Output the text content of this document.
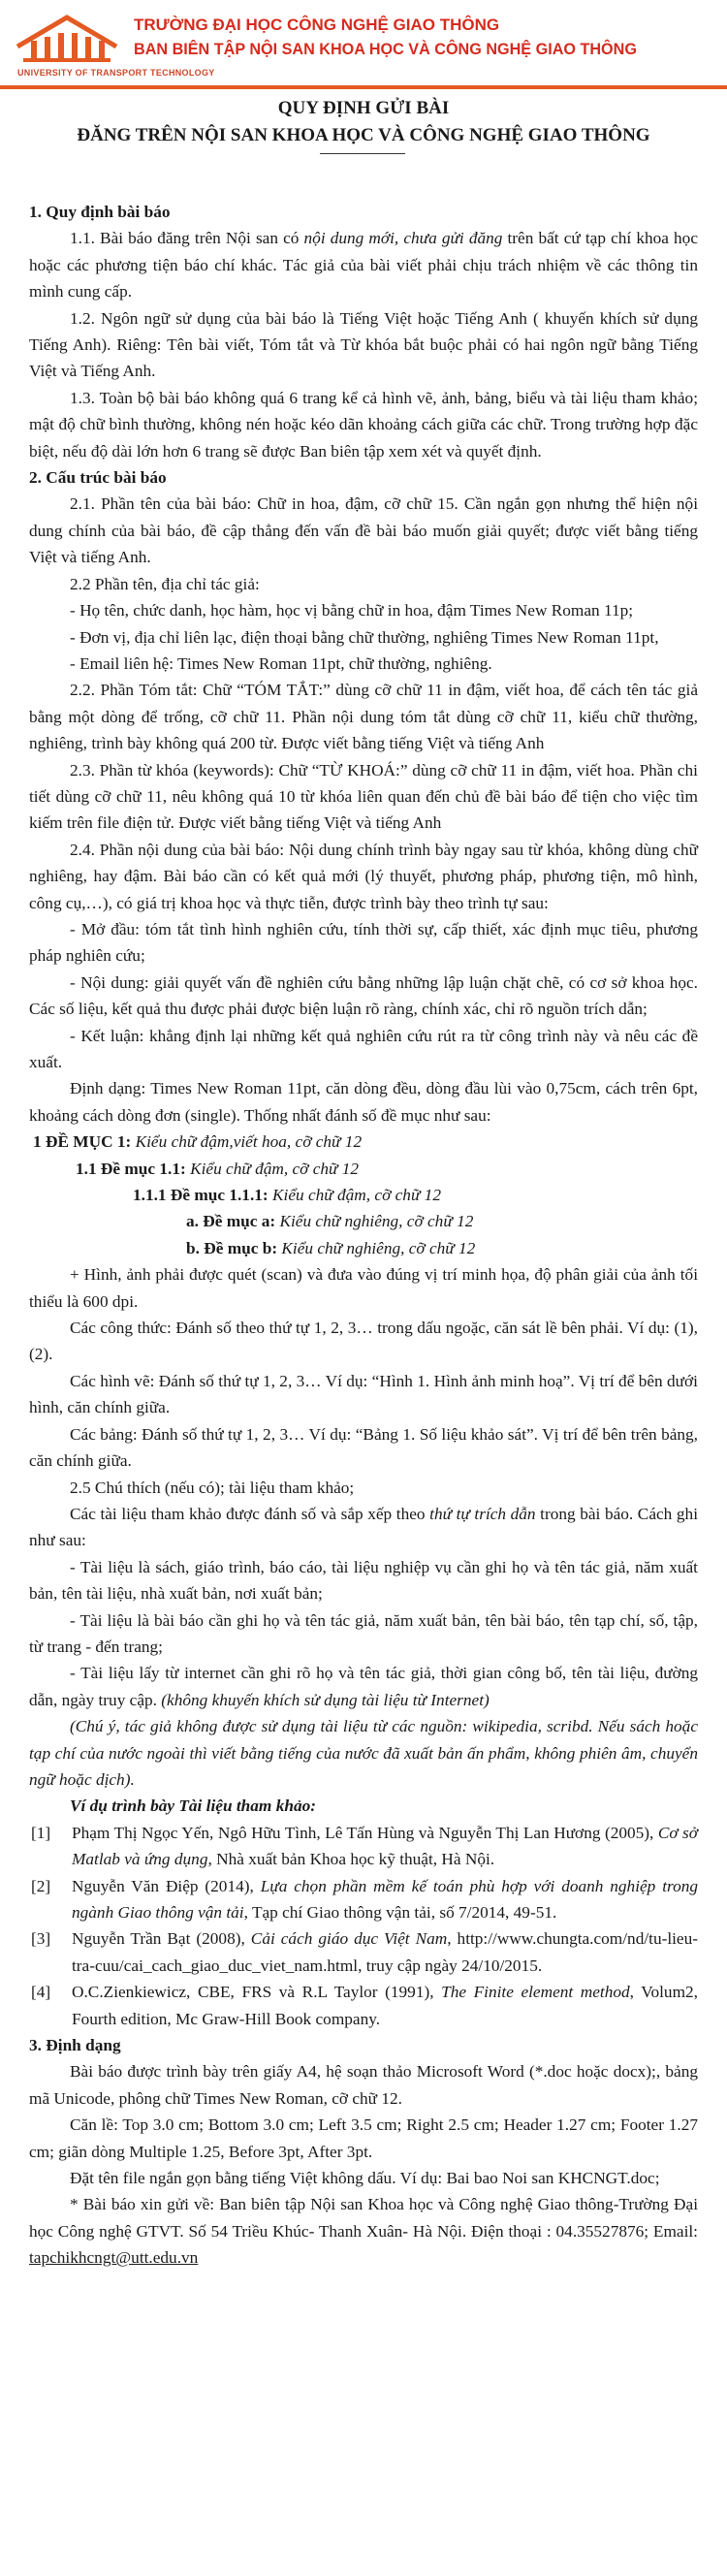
UNIVERSITY OF TRANSPORT TECHNOLOGY
TRƯỜNG ĐẠI HỌC CÔNG NGHỆ GIAO THÔNG
BAN BIÊN TẬP NỘI SAN KHOA HỌC VÀ CÔNG NGHỆ GIAO THÔNG
QUY ĐỊNH GỬI BÀI
ĐĂNG TRÊN NỘI SAN KHOA HỌC VÀ CÔNG NGHỆ GIAO THÔNG

1. Quy định bài báo

1.1. Bài báo đăng trên Nội san có nội dung mới, chưa gửi đăng trên bất cứ tạp chí khoa học hoặc các phương tiện báo chí khác. Tác giả của bài viết phải chịu trách nhiệm về các thông tin mình cung cấp.

1.2. Ngôn ngữ sử dụng của bài báo là Tiếng Việt hoặc Tiếng Anh ( khuyến khích sử dụng Tiếng Anh). Riêng: Tên bài viết, Tóm tắt và Từ khóa bắt buộc phải có hai ngôn ngữ bằng Tiếng Việt và Tiếng Anh.

1.3. Toàn bộ bài báo không quá 6 trang kể cả hình vẽ, ảnh, bảng, biểu và tài liệu tham khảo; mật độ chữ bình thường, không nén hoặc kéo dãn khoảng cách giữa các chữ. Trong trường hợp đặc biệt, nếu độ dài lớn hơn 6 trang sẽ được Ban biên tập xem xét và quyết định.

2. Cấu trúc bài báo

2.1. Phần tên của bài báo: Chữ in hoa, đậm, cỡ chữ 15. Cần ngắn gọn nhưng thể hiện nội dung chính của bài báo, đề cập thẳng đến vấn đề bài báo muốn giải quyết; được viết bằng tiếng Việt và tiếng Anh.

2.2 Phần tên, địa chỉ tác giả:

- Họ tên, chức danh, học hàm, học vị bằng chữ in hoa, đậm Times New Roman 11p;

- Đơn vị, địa chỉ liên lạc, điện thoại bằng chữ thường, nghiêng Times New Roman 11pt,

- Email liên hệ: Times New Roman 11pt, chữ thường, nghiêng.

2.2. Phần Tóm tắt: Chữ “TÓM TẮT:” dùng cỡ chữ 11 in đậm, viết hoa, để cách tên tác giả bằng một dòng để trống, cỡ chữ 11. Phần nội dung tóm tắt dùng cỡ chữ 11, kiểu chữ thường, nghiêng, trình bày không quá 200 từ. Được viết bằng tiếng Việt và tiếng Anh

2.3. Phần từ khóa (keywords): Chữ “TỪ KHOÁ:” dùng cỡ chữ 11 in đậm, viết hoa. Phần chi tiết dùng cỡ chữ 11, nêu không quá 10 từ khóa liên quan đến chủ đề bài báo để tiện cho việc tìm kiếm trên file điện tử. Được viết bằng tiếng Việt và tiếng Anh

2.4. Phần nội dung của bài báo: Nội dung chính trình bày ngay sau từ khóa, không dùng chữ nghiêng, hay đậm. Bài báo cần có kết quả mới (lý thuyết, phương pháp, phương tiện, mô hình, công cụ,…), có giá trị khoa học và thực tiễn, được trình bày theo trình tự sau:

- Mở đầu: tóm tắt tình hình nghiên cứu, tính thời sự, cấp thiết, xác định mục tiêu, phương pháp nghiên cứu;

- Nội dung: giải quyết vấn đề nghiên cứu bằng những lập luận chặt chẽ, có cơ sở khoa học. Các số liệu, kết quả thu được phải được biện luận rõ ràng, chính xác, chỉ rõ nguồn trích dẫn;

- Kết luận: khẳng định lại những kết quả nghiên cứu rút ra từ công trình này và nêu các đề xuất.

Định dạng: Times New Roman 11pt, căn dòng đều, dòng đầu lùi vào 0,75cm, cách trên 6pt, khoảng cách dòng đơn (single). Thống nhất đánh số đề mục như sau:

1 ĐỀ MỤC 1: Kiểu chữ đậm,viết hoa, cỡ chữ 12

1.1 Đề mục 1.1: Kiểu chữ đậm, cỡ chữ 12

1.1.1 Đề mục 1.1.1: Kiểu chữ đậm, cỡ chữ 12

a. Đề mục a: Kiểu chữ nghiêng, cỡ chữ 12

b. Đề mục b: Kiểu chữ nghiêng, cỡ chữ 12

+ Hình, ảnh phải được quét (scan) và đưa vào đúng vị trí minh họa, độ phân giải của ảnh tối thiểu là 600 dpi.

Các công thức: Đánh số theo thứ tự 1, 2, 3… trong dấu ngoặc, căn sát lề bên phải. Ví dụ: (1), (2).

Các hình vẽ: Đánh số thứ tự 1, 2, 3… Ví dụ: “Hình 1. Hình ảnh minh hoạ”. Vị trí để bên dưới hình, căn chính giữa.

Các bảng: Đánh số thứ tự 1, 2, 3… Ví dụ: “Bảng 1. Số liệu khảo sát”. Vị trí để bên trên bảng, căn chính giữa.

2.5 Chú thích (nếu có); tài liệu tham khảo;

Các tài liệu tham khảo được đánh số và sắp xếp theo thứ tự trích dẫn trong bài báo. Cách ghi như sau:

- Tài liệu là sách, giáo trình, báo cáo, tài liệu nghiệp vụ cần ghi họ và tên tác giả, năm xuất bản, tên tài liệu, nhà xuất bản, nơi xuất bản;

- Tài liệu là bài báo cần ghi họ và tên tác giả, năm xuất bản, tên bài báo, tên tạp chí, số, tập, từ trang - đến trang;

- Tài liệu lấy từ internet cần ghi rõ họ và tên tác giả, thời gian công bố, tên tài liệu, đường dẫn, ngày truy cập. (không khuyến khích sử dụng tài liệu từ Internet)

(Chú ý, tác giả không được sử dụng tài liệu từ các nguồn: wikipedia, scribd. Nếu sách hoặc tạp chí của nước ngoài thì viết bằng tiếng của nước đã xuất bản ấn phẩm, không phiên âm, chuyển ngữ hoặc dịch).

Ví dụ trình bày Tài liệu tham khảo:

[1]	Phạm Thị Ngọc Yến, Ngô Hữu Tình, Lê Tấn Hùng và Nguyễn Thị Lan Hương (2005), Cơ sở Matlab và ứng dụng, Nhà xuất bản Khoa học kỹ thuật, Hà Nội.
[2]	Nguyễn Văn Điệp (2014), Lựa chọn phần mềm kế toán phù hợp với doanh nghiệp trong ngành Giao thông vận tải, Tạp chí Giao thông vận tải, số 7/2014, 49-51.
[3]	Nguyễn Trần Bạt (2008), Cải cách giáo dục Việt Nam, http://www.chungta.com/nd/tu-lieu-tra-cuu/cai_cach_giao_duc_viet_nam.html, truy cập ngày 24/10/2015.
[4]	O.C.Zienkiewicz, CBE, FRS và R.L Taylor (1991), The Finite element method, Volum2, Fourth edition, Mc Graw-Hill Book company.

3. Định dạng

Bài báo được trình bày trên giấy A4, hệ soạn thảo Microsoft Word (*.doc hoặc docx);, bảng mã Unicode, phông chữ Times New Roman, cỡ chữ 12.

Căn lề: Top 3.0 cm; Bottom 3.0 cm; Left 3.5 cm; Right 2.5 cm; Header 1.27 cm; Footer 1.27 cm; giãn dòng Multiple 1.25, Before 3pt, After 3pt.

Đặt tên file ngắn gọn bằng tiếng Việt không dấu. Ví dụ: Bai bao Noi san KHCNGT.doc;

* Bài báo xin gửi về: Ban biên tập Nội san Khoa học và Công nghệ Giao thông-Trường Đại học Công nghệ GTVT. Số 54 Triều Khúc- Thanh Xuân- Hà Nội. Điện thoại : 04.35527876; Email: tapchikhcngt@utt.edu.vn
